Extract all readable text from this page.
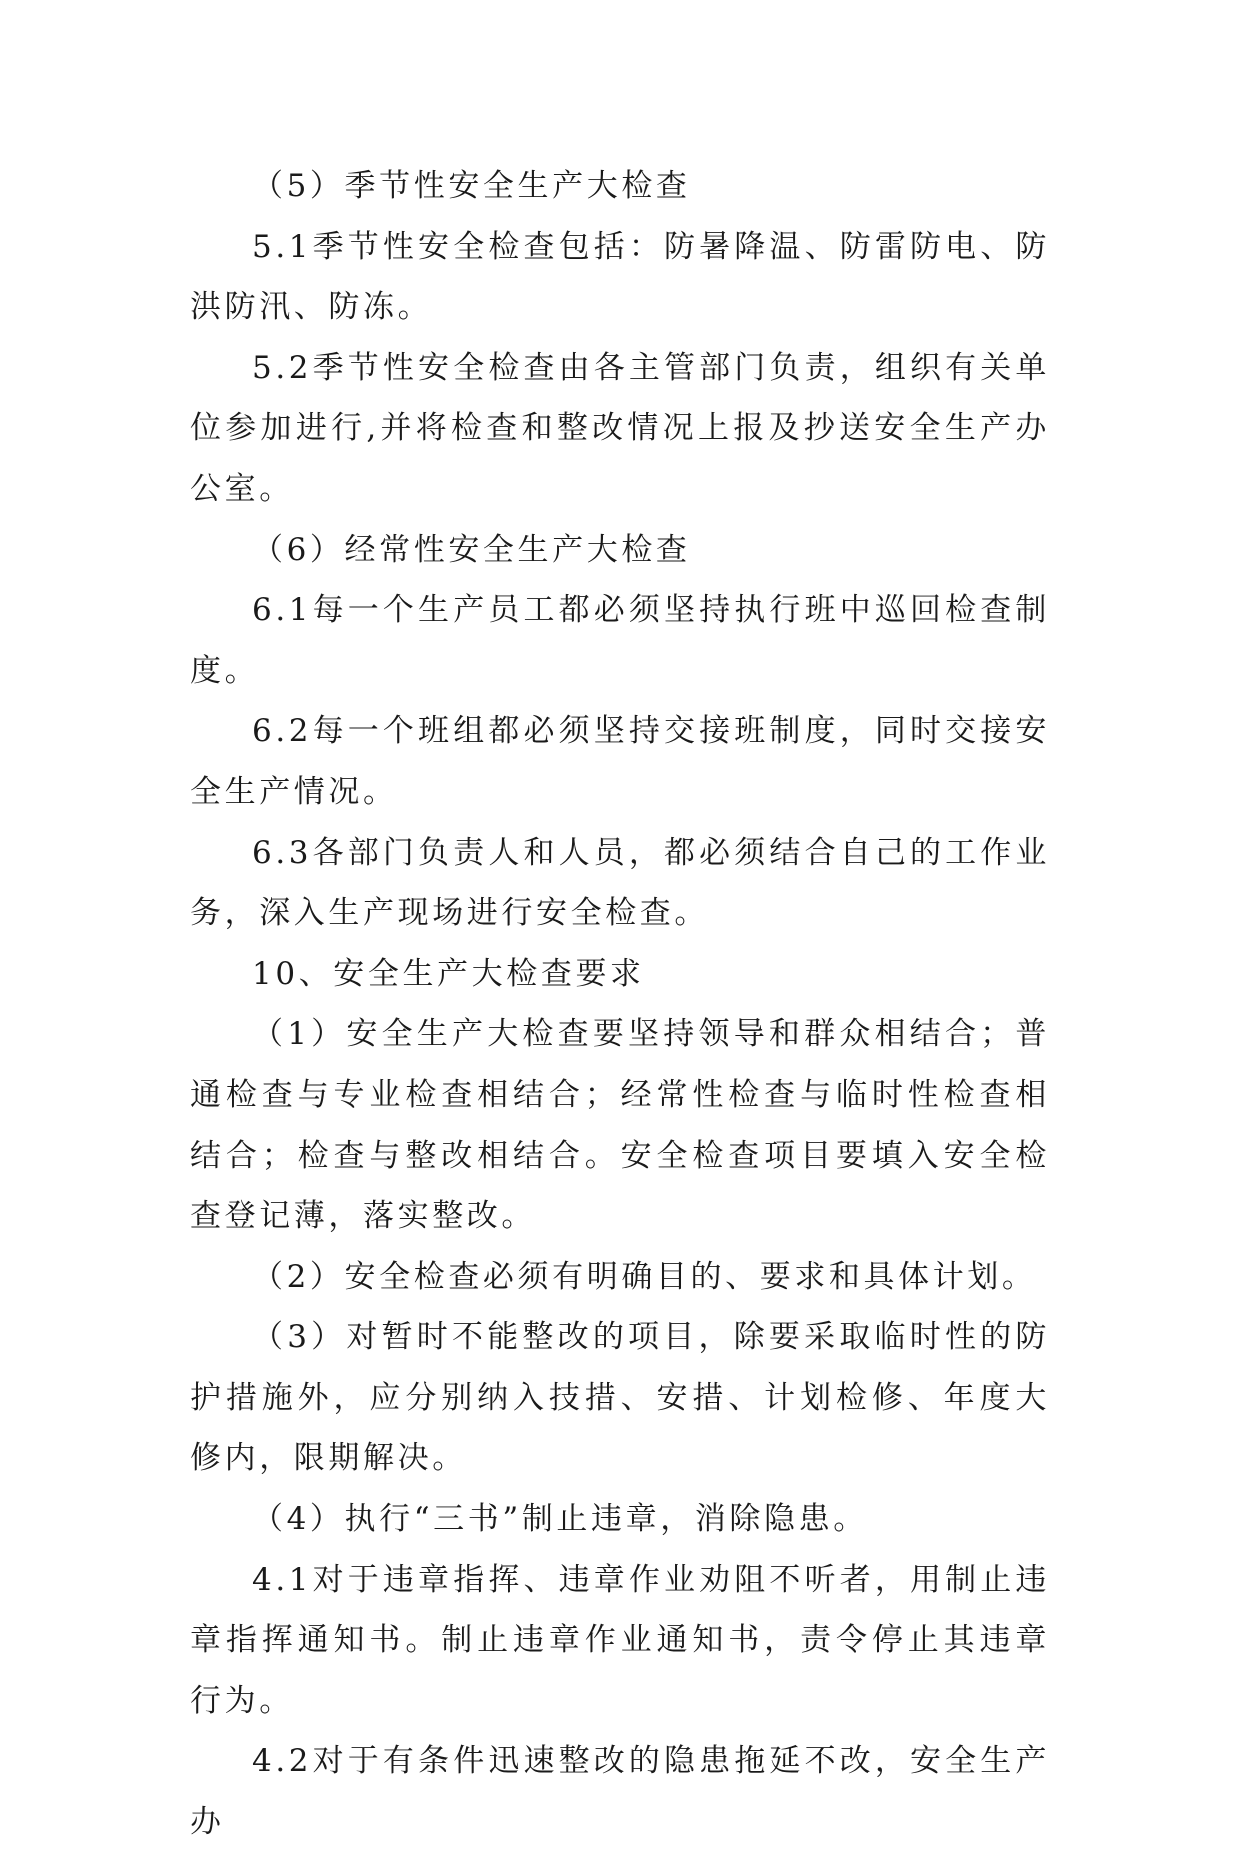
（5）季节性安全生产大检查

5.1季节性安全检查包括：防暑降温、防雷防电、防洪防汛、防冻。

5.2季节性安全检查由各主管部门负责，组织有关单位参加进行,并将检查和整改情况上报及抄送安全生产办公室。

（6）经常性安全生产大检查

6.1每一个生产员工都必须坚持执行班中巡回检查制度。

6.2每一个班组都必须坚持交接班制度，同时交接安全生产情况。

6.3各部门负责人和人员，都必须结合自己的工作业务，深入生产现场进行安全检查。

10、安全生产大检查要求

（1）安全生产大检查要坚持领导和群众相结合；普通检查与专业检查相结合；经常性检查与临时性检查相结合；检查与整改相结合。安全检查项目要填入安全检查登记薄，落实整改。

（2）安全检查必须有明确目的、要求和具体计划。

（3）对暂时不能整改的项目，除要采取临时性的防护措施外，应分别纳入技措、安措、计划检修、年度大修内，限期解决。

（4）执行“三书”制止违章，消除隐患。

4.1对于违章指挥、违章作业劝阻不听者，用制止违章指挥通知书。制止违章作业通知书，责令停止其违章行为。

4.2对于有条件迅速整改的隐患拖延不改，安全生产办
